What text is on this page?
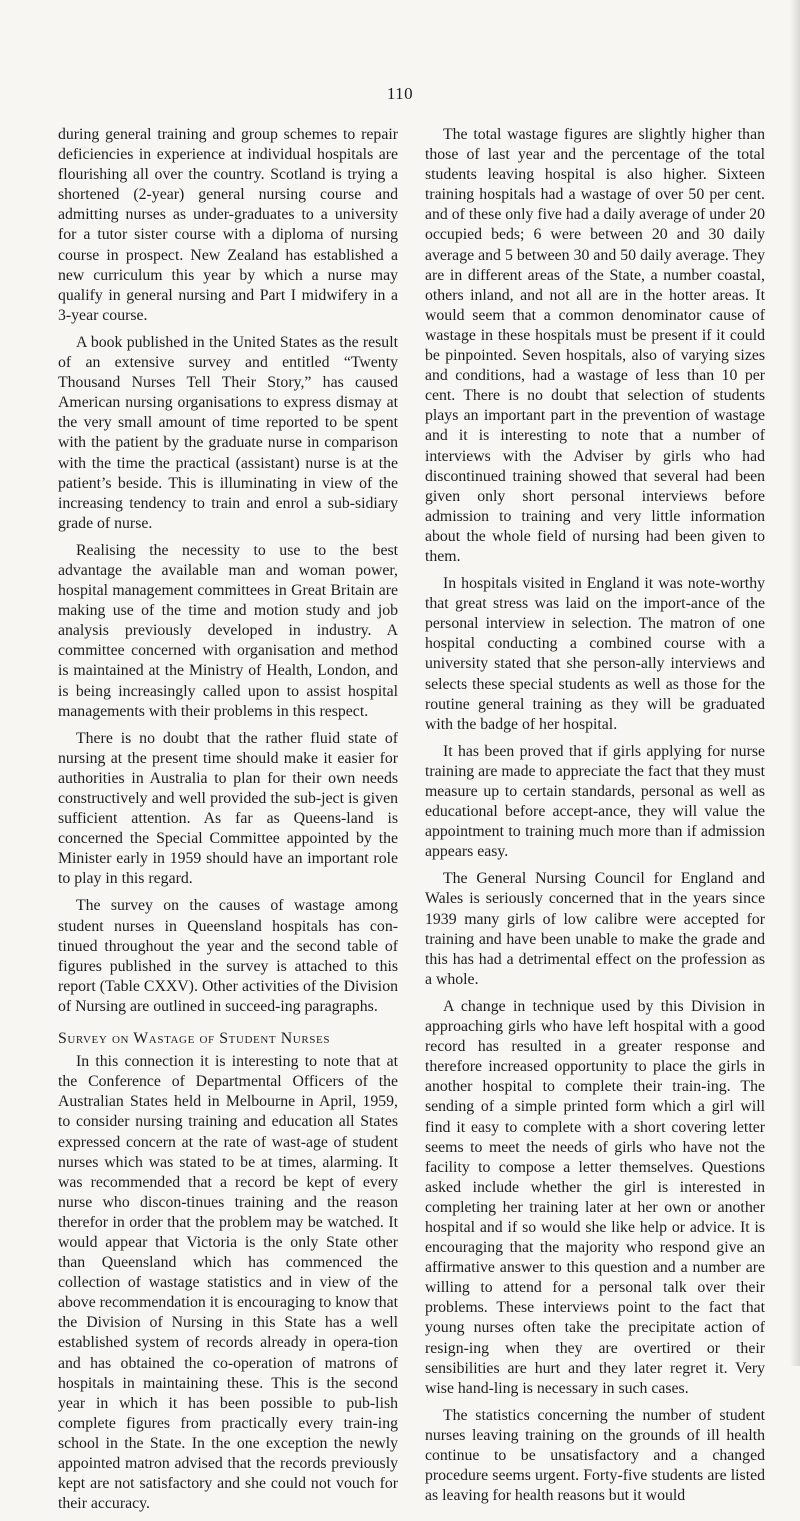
110

during general training and group schemes to repair deficiencies in experience at individual hospitals are flourishing all over the country. Scotland is trying a shortened (2-year) general nursing course and admitting nurses as under-graduates to a university for a tutor sister course with a diploma of nursing course in prospect. New Zealand has established a new curriculum this year by which a nurse may qualify in general nursing and Part I midwifery in a 3-year course.

A book published in the United States as the result of an extensive survey and entitled “Twenty Thousand Nurses Tell Their Story,” has caused American nursing organisations to express dismay at the very small amount of time reported to be spent with the patient by the graduate nurse in comparison with the time the practical (assistant) nurse is at the patient’s beside. This is illuminating in view of the increasing tendency to train and enrol a sub-sidiary grade of nurse.

Realising the necessity to use to the best advantage the available man and woman power, hospital management committees in Great Britain are making use of the time and motion study and job analysis previously developed in industry. A committee concerned with organisation and method is maintained at the Ministry of Health, London, and is being increasingly called upon to assist hospital managements with their problems in this respect.

There is no doubt that the rather fluid state of nursing at the present time should make it easier for authorities in Australia to plan for their own needs constructively and well provided the sub-ject is given sufficient attention. As far as Queens-land is concerned the Special Committee appointed by the Minister early in 1959 should have an important role to play in this regard.

The survey on the causes of wastage among student nurses in Queensland hospitals has con-tinued throughout the year and the second table of figures published in the survey is attached to this report (Table CXXV). Other activities of the Division of Nursing are outlined in succeed-ing paragraphs.

Survey on Wastage of Student Nurses

In this connection it is interesting to note that at the Conference of Departmental Officers of the Australian States held in Melbourne in April, 1959, to consider nursing training and education all States expressed concern at the rate of wast-age of student nurses which was stated to be at times, alarming. It was recommended that a record be kept of every nurse who discon-tinues training and the reason therefor in order that the problem may be watched. It would appear that Victoria is the only State other than Queensland which has commenced the collection of wastage statistics and in view of the above recommendation it is encouraging to know that the Division of Nursing in this State has a well established system of records already in opera-tion and has obtained the co-operation of matrons of hospitals in maintaining these. This is the second year in which it has been possible to pub-lish complete figures from practically every train-ing school in the State. In the one exception the newly appointed matron advised that the records previously kept are not satisfactory and she could not vouch for their accuracy.

The total wastage figures are slightly higher than those of last year and the percentage of the total students leaving hospital is also higher. Sixteen training hospitals had a wastage of over 50 per cent. and of these only five had a daily average of under 20 occupied beds; 6 were between 20 and 30 daily average and 5 between 30 and 50 daily average. They are in different areas of the State, a number coastal, others inland, and not all are in the hotter areas. It would seem that a common denominator cause of wastage in these hospitals must be present if it could be pinpointed. Seven hospitals, also of varying sizes and conditions, had a wastage of less than 10 per cent. There is no doubt that selection of students plays an important part in the prevention of wastage and it is interesting to note that a number of interviews with the Adviser by girls who had discontinued training showed that several had been given only short personal interviews before admission to training and very little information about the whole field of nursing had been given to them.

In hospitals visited in England it was note-worthy that great stress was laid on the import-ance of the personal interview in selection. The matron of one hospital conducting a combined course with a university stated that she person-ally interviews and selects these special students as well as those for the routine general training as they will be graduated with the badge of her hospital.

It has been proved that if girls applying for nurse training are made to appreciate the fact that they must measure up to certain standards, personal as well as educational before accept-ance, they will value the appointment to training much more than if admission appears easy.

The General Nursing Council for England and Wales is seriously concerned that in the years since 1939 many girls of low calibre were accepted for training and have been unable to make the grade and this has had a detrimental effect on the profession as a whole.

A change in technique used by this Division in approaching girls who have left hospital with a good record has resulted in a greater response and therefore increased opportunity to place the girls in another hospital to complete their train-ing. The sending of a simple printed form which a girl will find it easy to complete with a short covering letter seems to meet the needs of girls who have not the facility to compose a letter themselves. Questions asked include whether the girl is interested in completing her training later at her own or another hospital and if so would she like help or advice. It is encouraging that the majority who respond give an affirmative answer to this question and a number are willing to attend for a personal talk over their problems. These interviews point to the fact that young nurses often take the precipitate action of resign-ing when they are overtired or their sensibilities are hurt and they later regret it. Very wise hand-ling is necessary in such cases.

The statistics concerning the number of student nurses leaving training on the grounds of ill health continue to be unsatisfactory and a changed procedure seems urgent. Forty-five students are listed as leaving for health reasons but it would
